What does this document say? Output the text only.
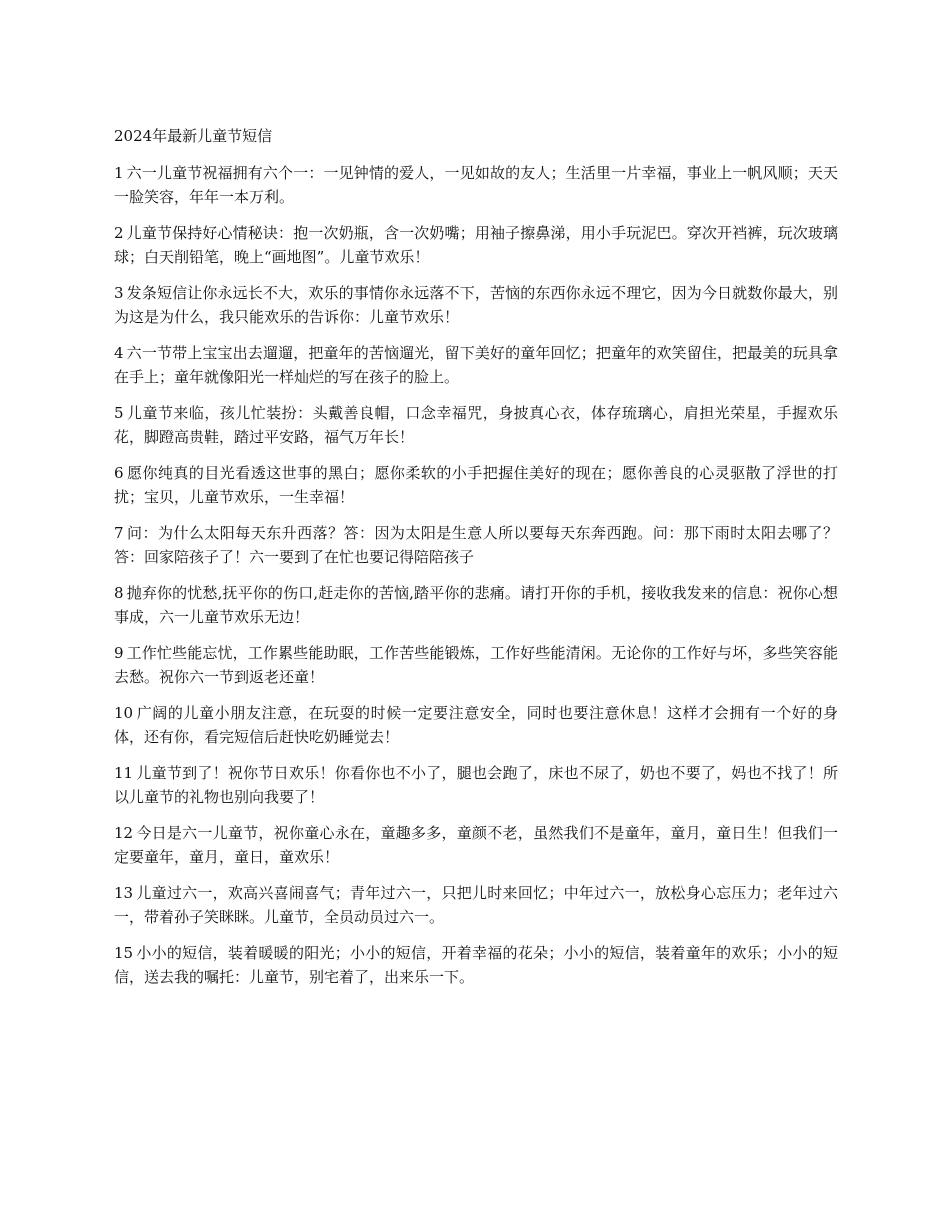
2024年最新儿童节短信

1 六一儿童节祝福拥有六个一：一见钟情的爱人，一见如故的友人；生活里一片幸福，事业上一帆风顺；天天一脸笑容，年年一本万利。

2 儿童节保持好心情秘诀：抱一次奶瓶，含一次奶嘴；用袖子擦鼻涕，用小手玩泥巴。穿次开裆裤，玩次玻璃球；白天削铅笔，晚上“画地图”。儿童节欢乐！

3 发条短信让你永远长不大，欢乐的事情你永远落不下，苦恼的东西你永远不理它，因为今日就数你最大，别为这是为什么，我只能欢乐的告诉你：儿童节欢乐！

4 六一节带上宝宝出去遛遛，把童年的苦恼遛光，留下美好的童年回忆；把童年的欢笑留住，把最美的玩具拿在手上；童年就像阳光一样灿烂的写在孩子的脸上。

5 儿童节来临，孩儿忙装扮：头戴善良帽，口念幸福咒，身披真心衣，体存琉璃心，肩担光荣星，手握欢乐花，脚蹬高贵鞋，踏过平安路，福气万年长！

6 愿你纯真的目光看透这世事的黑白；愿你柔软的小手把握住美好的现在；愿你善良的心灵驱散了浮世的打扰；宝贝，儿童节欢乐，一生幸福！

7 问：为什么太阳每天东升西落？答：因为太阳是生意人所以要每天东奔西跑。问：那下雨时太阳去哪了？答：回家陪孩子了！六一要到了在忙也要记得陪陪孩子

8 抛弃你的忧愁,抚平你的伤口,赶走你的苦恼,踏平你的悲痛。请打开你的手机，接收我发来的信息：祝你心想事成，六一儿童节欢乐无边！

9 工作忙些能忘忧，工作累些能助眠，工作苦些能锻炼，工作好些能清闲。无论你的工作好与坏，多些笑容能去愁。祝你六一节到返老还童！

10 广阔的儿童小朋友注意，在玩耍的时候一定要注意安全，同时也要注意休息！这样才会拥有一个好的身体，还有你，看完短信后赶快吃奶睡觉去！

11 儿童节到了！祝你节日欢乐！你看你也不小了，腿也会跑了，床也不尿了，奶也不要了，妈也不找了！所以儿童节的礼物也别向我要了！

12 今日是六一儿童节，祝你童心永在，童趣多多，童颜不老，虽然我们不是童年，童月，童日生！但我们一定要童年，童月，童日，童欢乐！

13 儿童过六一，欢高兴喜闹喜气；青年过六一，只把儿时来回忆；中年过六一，放松身心忘压力；老年过六一，带着孙子笑眯眯。儿童节，全员动员过六一。

15 小小的短信，装着暖暖的阳光；小小的短信，开着幸福的花朵；小小的短信，装着童年的欢乐；小小的短信，送去我的嘱托：儿童节，别宅着了，出来乐一下。
